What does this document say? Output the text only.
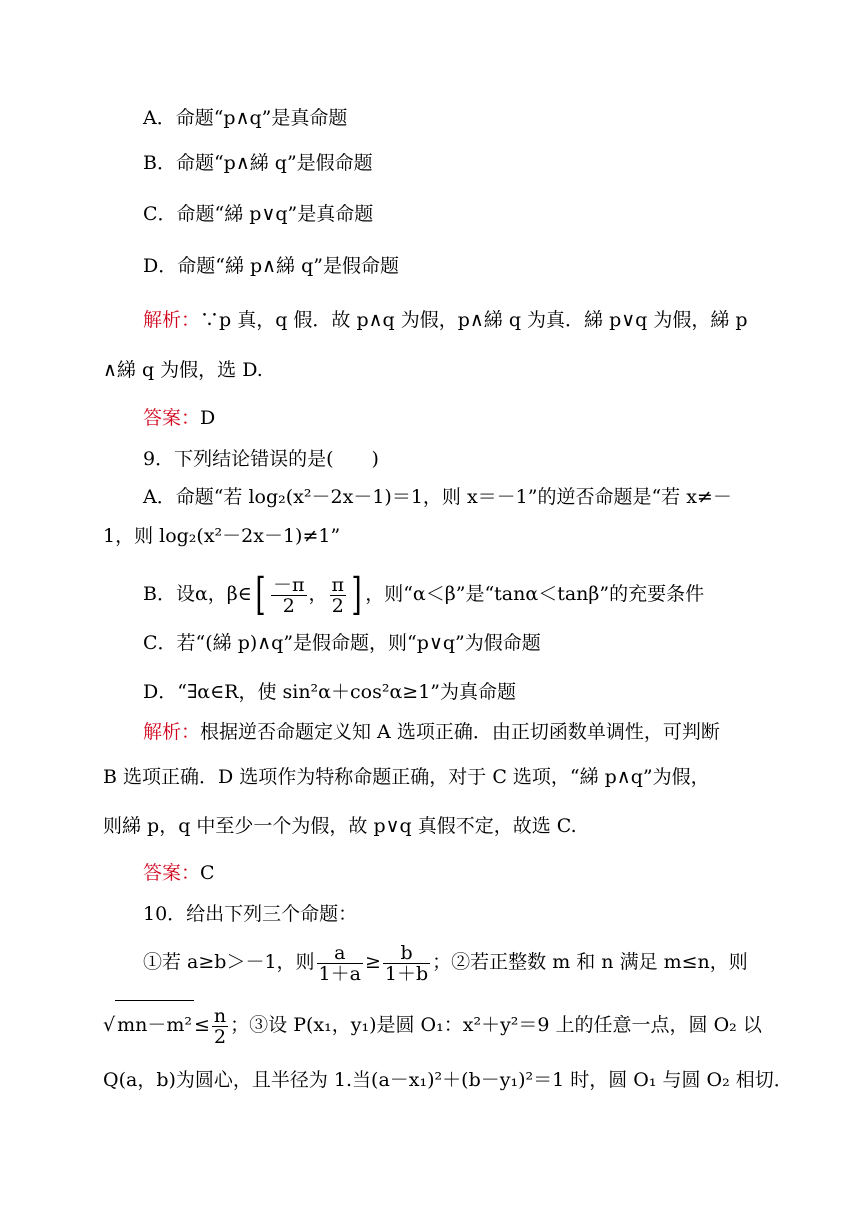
A．命题“p∧q”是真命题
B．命题“p∧綈 q”是假命题
C．命题“綈 p∨q”是真命题
D．命题“綈 p∧綈 q”是假命题
解析：∵p 真，q 假．故 p∧q 为假，p∧綈 q 为真．綈 p∨q 为假，綈 p
∧綈 q 为假，选 D.
答案：D
9．下列结论错误的是(　　)
A．命题“若 log₂(x²－2x－1)＝1，则 x＝－1”的逆否命题是“若 x≠－
1，则 log₂(x²－2x－1)≠1”
B．设α，β∈[ $\frac{-\pi}{2}$ ， $\frac{\pi}{2}$ ] ，则“α＜β”是“tanα＜tanβ”的充要条件
C．若“(綈 p)∧q”是假命题，则“p∨q”为假命题
D．“∃α∈R，使 sin²α＋cos²α≥1”为真命题
解析：根据逆否命题定义知 A 选项正确．由正切函数单调性，可判断
B 选项正确．D 选项作为特称命题正确，对于 C 选项，“綈 p∧q”为假，
则綈 p，q 中至少一个为假，故 p∨q 真假不定，故选 C.
答案：C
10．给出下列三个命题：
①若 a≥b＞－1，则 $\frac{a}{1+a} \ge \frac{b}{1+b}$ ；②若正整数 m 和 n 满足 m≤n，则
√ $mn-m^2 \le \frac{n}{2}$ ；③设 P(x₁，y₁)是圆 O₁：x²＋y²＝9 上的任意一点，圆 O₂ 以
Q(a，b)为圆心，且半径为 1.当(a－x₁)²＋(b－y₁)²＝1 时，圆 O₁ 与圆 O₂ 相切．
